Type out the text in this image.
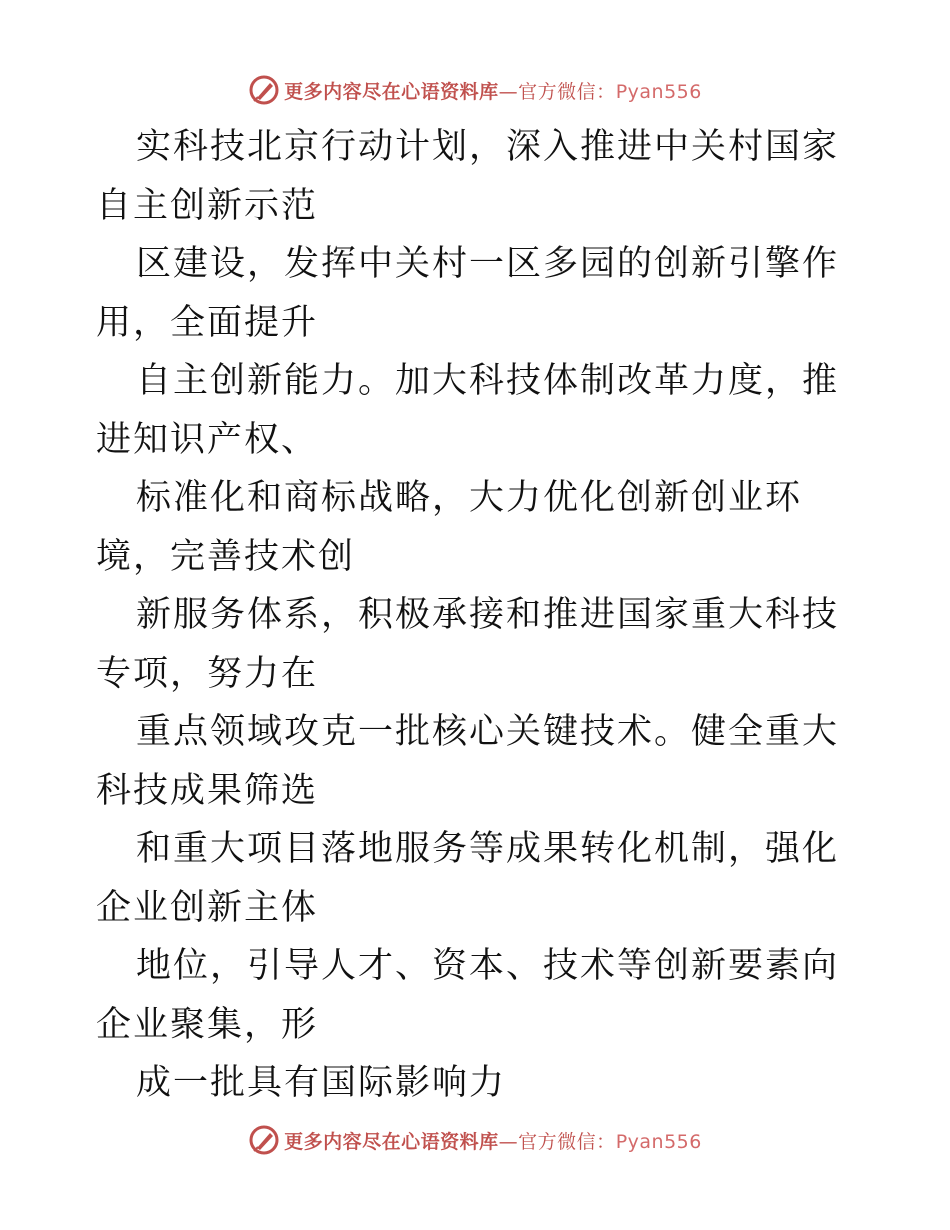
更多内容尽在心语资料库—官方微信：Pyan556

实科技北京行动计划，深入推进中关村国家自主创新示范

区建设，发挥中关村一区多园的创新引擎作用，全面提升

自主创新能力。加大科技体制改革力度，推进知识产权、

标准化和商标战略，大力优化创新创业环境，完善技术创

新服务体系，积极承接和推进国家重大科技专项，努力在

重点领域攻克一批核心关键技术。健全重大科技成果筛选

和重大项目落地服务等成果转化机制，强化企业创新主体

地位，引导人才、资本、技术等创新要素向企业聚集，形

成一批具有国际影响力

更多内容尽在心语资料库—官方微信：Pyan556
